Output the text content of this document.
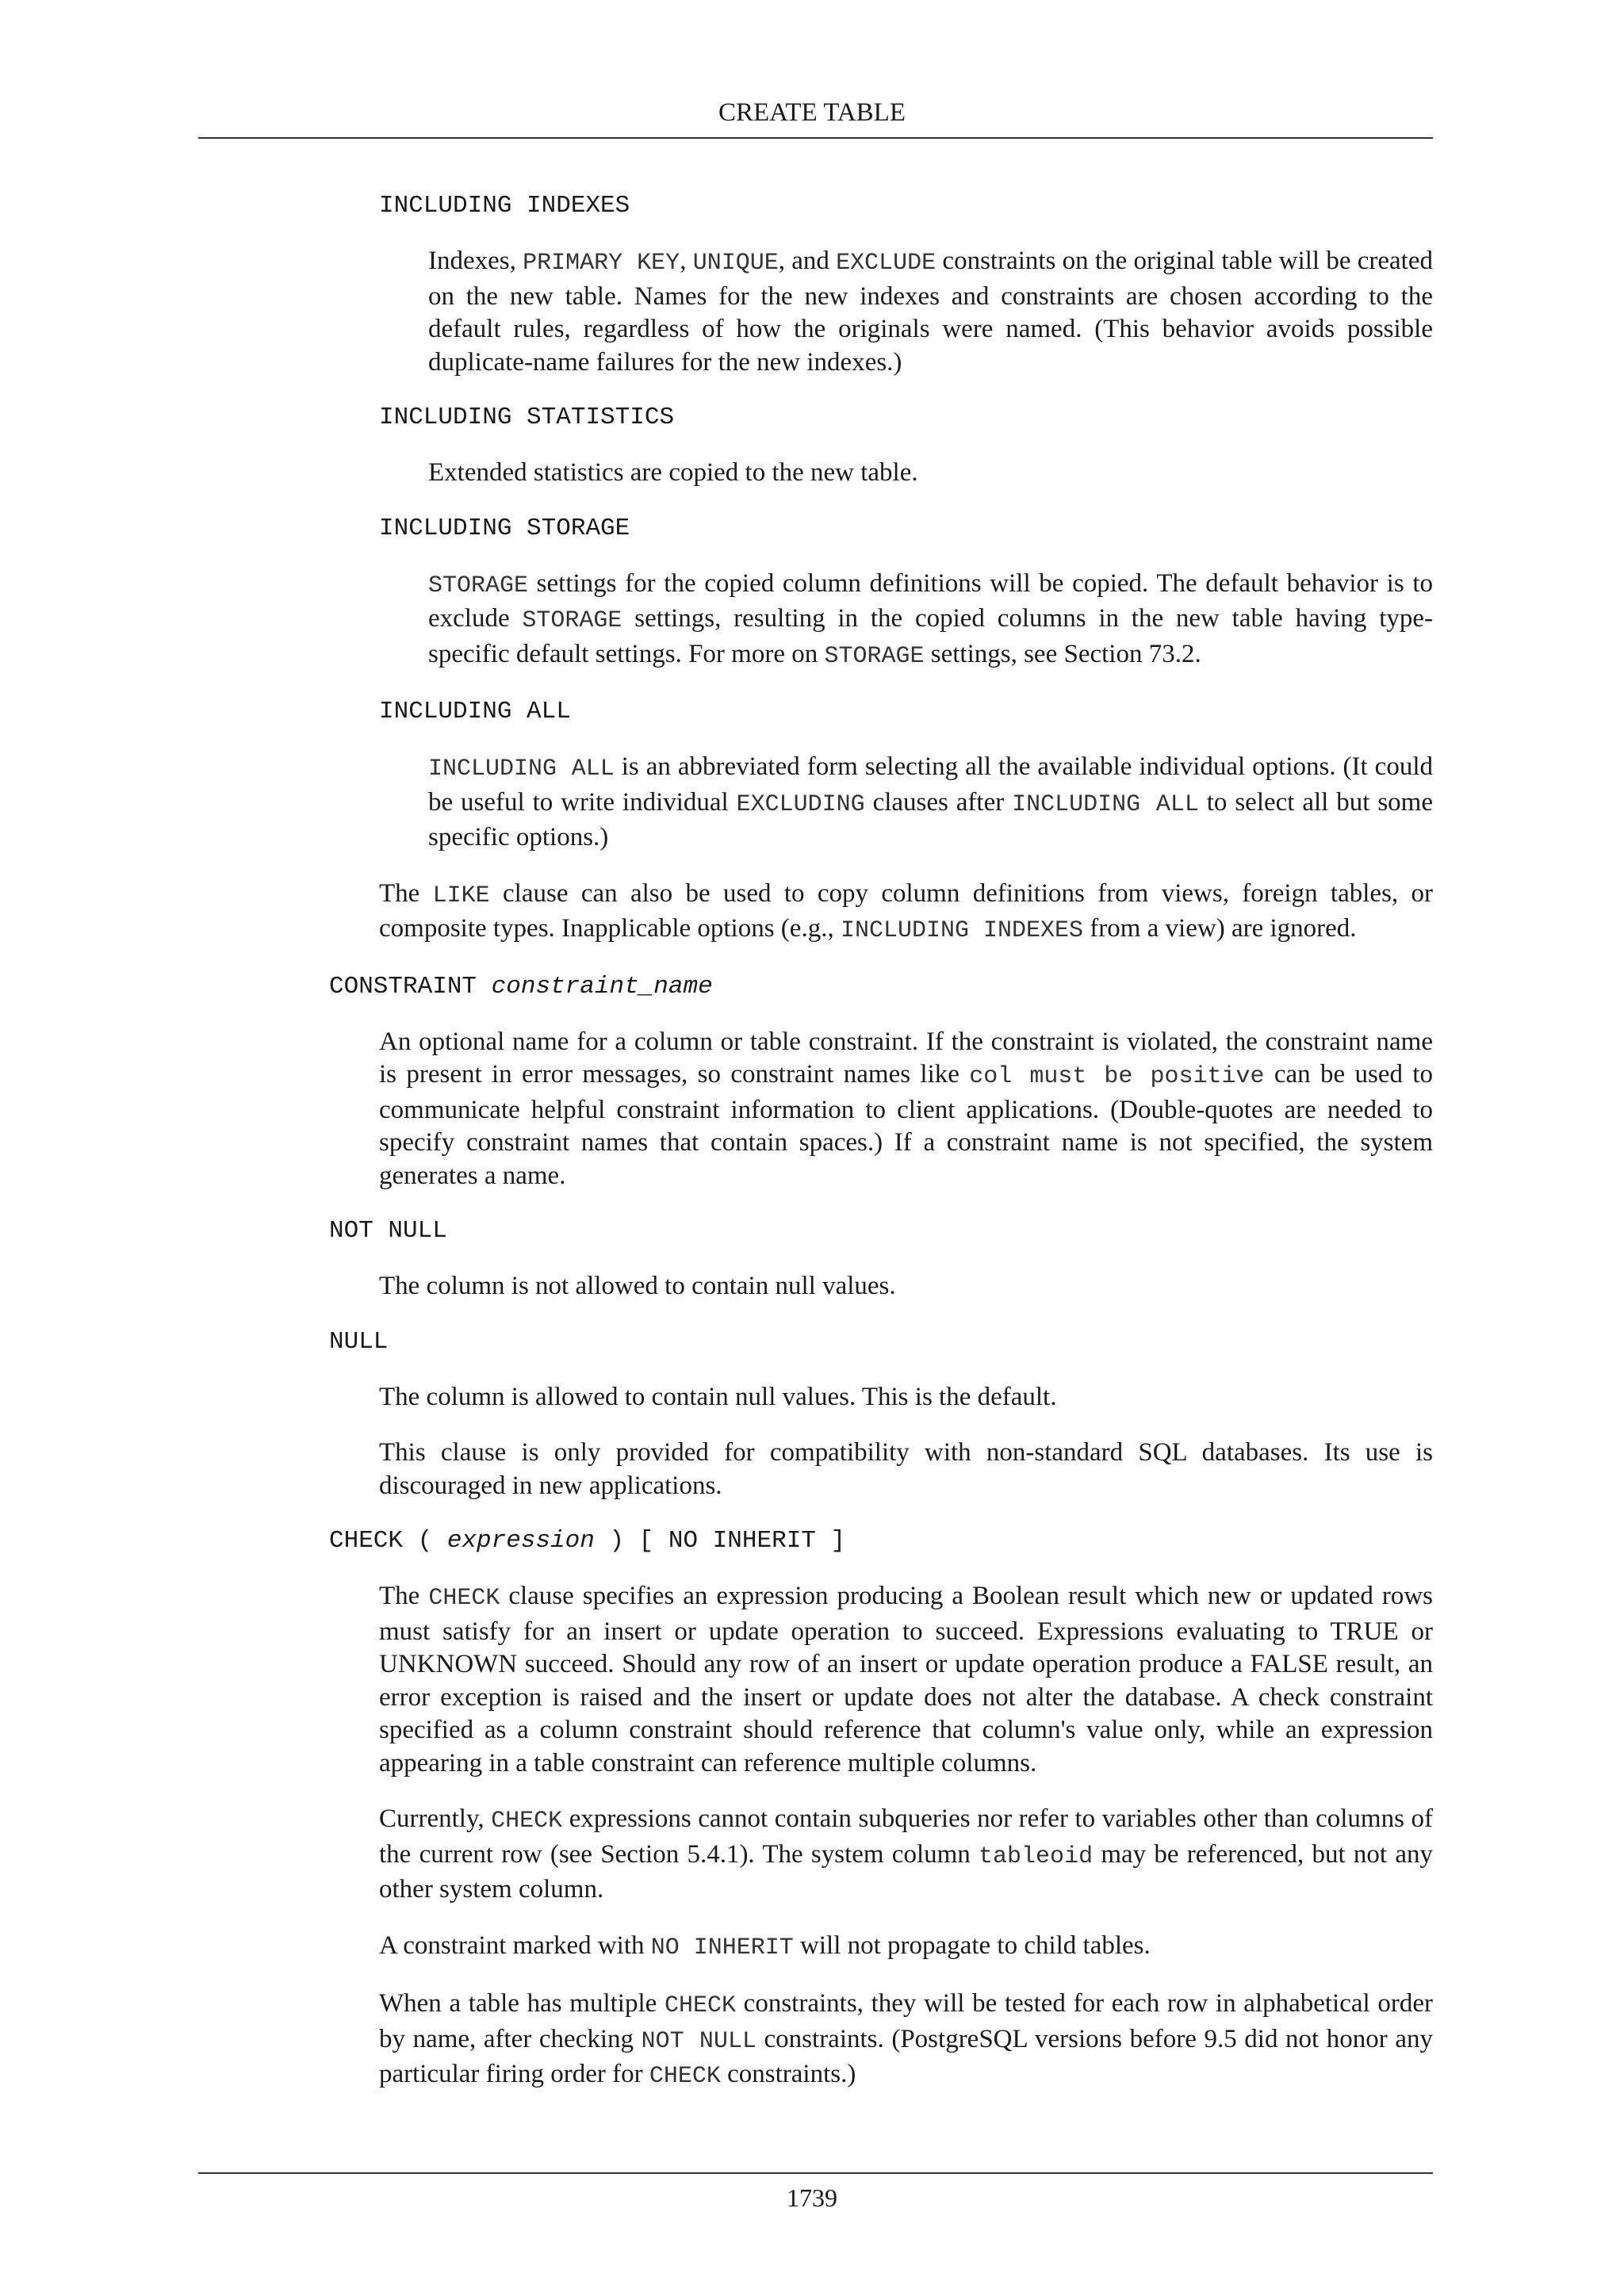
CREATE TABLE
INCLUDING INDEXES

Indexes, PRIMARY KEY, UNIQUE, and EXCLUDE constraints on the original table will be created on the new table. Names for the new indexes and constraints are chosen according to the default rules, regardless of how the originals were named. (This behavior avoids possible duplicate-name failures for the new indexes.)

INCLUDING STATISTICS

Extended statistics are copied to the new table.

INCLUDING STORAGE

STORAGE settings for the copied column definitions will be copied. The default behavior is to exclude STORAGE settings, resulting in the copied columns in the new table having type-specific default settings. For more on STORAGE settings, see Section 73.2.

INCLUDING ALL

INCLUDING ALL is an abbreviated form selecting all the available individual options. (It could be useful to write individual EXCLUDING clauses after INCLUDING ALL to select all but some specific options.)

The LIKE clause can also be used to copy column definitions from views, foreign tables, or composite types. Inapplicable options (e.g., INCLUDING INDEXES from a view) are ignored.

CONSTRAINT constraint_name

An optional name for a column or table constraint. If the constraint is violated, the constraint name is present in error messages, so constraint names like col must be positive can be used to communicate helpful constraint information to client applications. (Double-quotes are needed to specify constraint names that contain spaces.) If a constraint name is not specified, the system generates a name.

NOT NULL

The column is not allowed to contain null values.

NULL

The column is allowed to contain null values. This is the default.

This clause is only provided for compatibility with non-standard SQL databases. Its use is discouraged in new applications.

CHECK ( expression ) [ NO INHERIT ]

The CHECK clause specifies an expression producing a Boolean result which new or updated rows must satisfy for an insert or update operation to succeed. Expressions evaluating to TRUE or UNKNOWN succeed. Should any row of an insert or update operation produce a FALSE result, an error exception is raised and the insert or update does not alter the database. A check constraint specified as a column constraint should reference that column's value only, while an expression appearing in a table constraint can reference multiple columns.

Currently, CHECK expressions cannot contain subqueries nor refer to variables other than columns of the current row (see Section 5.4.1). The system column tableoid may be referenced, but not any other system column.

A constraint marked with NO INHERIT will not propagate to child tables.

When a table has multiple CHECK constraints, they will be tested for each row in alphabetical order by name, after checking NOT NULL constraints. (PostgreSQL versions before 9.5 did not honor any particular firing order for CHECK constraints.)

1739
